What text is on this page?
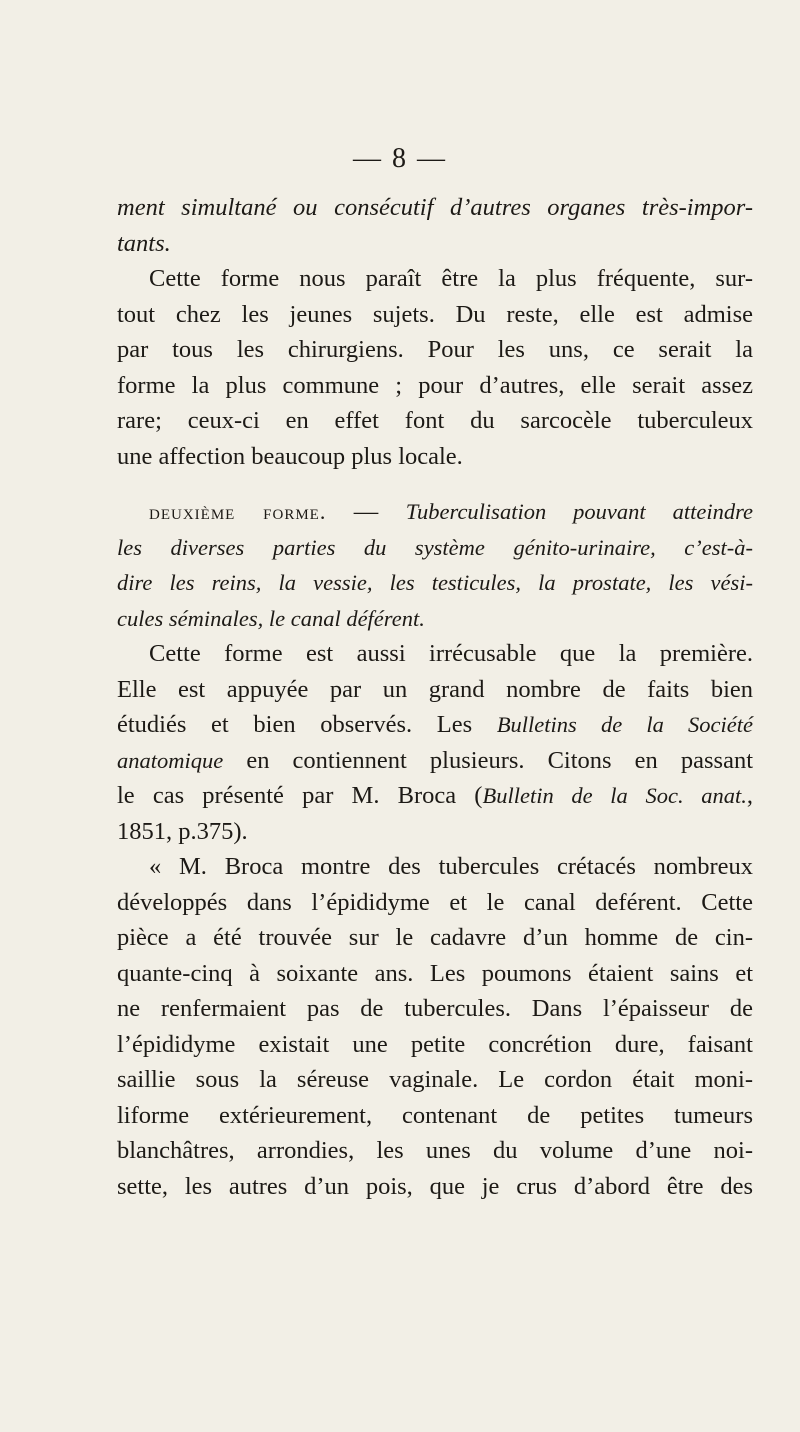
— 8 —
ment simultané ou consécutif d’autres organes très-impor-
tants.
Cette forme nous paraît être la plus fréquente, sur-
tout chez les jeunes sujets. Du reste, elle est admise
par tous les chirurgiens. Pour les uns, ce serait la
forme la plus commune ; pour d’autres, elle serait assez
rare; ceux-ci en effet font du sarcocèle tuberculeux
une affection beaucoup plus locale.
deuxième forme. — Tuberculisation pouvant atteindre
les diverses parties du système génito-urinaire, c’est-à-
dire les reins, la vessie, les testicules, la prostate, les vési-
cules séminales, le canal déférent.
Cette forme est aussi irrécusable que la première.
Elle est appuyée par un grand nombre de faits bien
étudiés et bien observés. Les Bulletins de la Société
anatomique en contiennent plusieurs. Citons en passant
le cas présenté par M. Broca (Bulletin de la Soc. anat.,
1851, p.375).
« M. Broca montre des tubercules crétacés nombreux
développés dans l’épididyme et le canal deférent. Cette
pièce a été trouvée sur le cadavre d’un homme de cin-
quante-cinq à soixante ans. Les poumons étaient sains et
ne renfermaient pas de tubercules. Dans l’épaisseur de
l’épididyme existait une petite concrétion dure, faisant
saillie sous la séreuse vaginale. Le cordon était moni-
liforme extérieurement, contenant de petites tumeurs
blanchâtres, arrondies, les unes du volume d’une noi-
sette, les autres d’un pois, que je crus d’abord être des
